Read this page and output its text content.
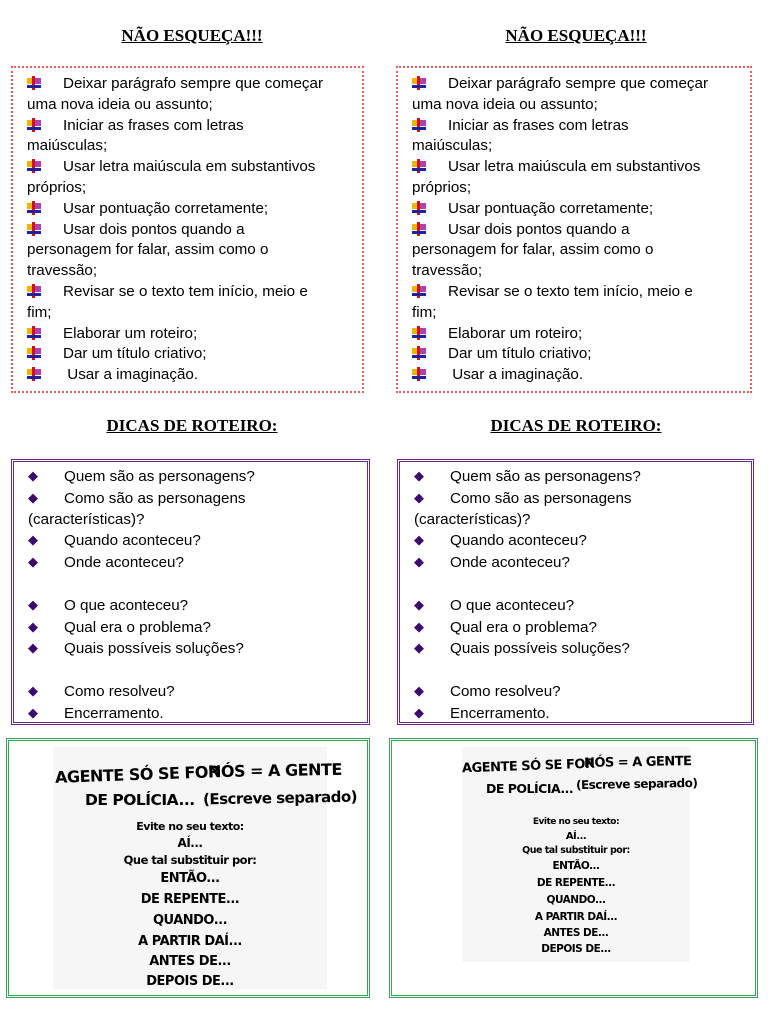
NÃO ESQUEÇA!!!
Deixar parágrafo sempre que começar
uma nova ideia ou assunto;
Iniciar as frases com letras
maiúsculas;
Usar letra maiúscula em substantivos
próprios;
Usar pontuação corretamente;
Usar dois pontos quando a
personagem for falar, assim como o
travessão;
Revisar se o texto tem início, meio e
fim;
Elaborar um roteiro;
Dar um título criativo;
Usar a imaginação.
DICAS DE ROTEIRO:
◆ Quem são as personagens?
◆ Como são as personagens
(características)?
◆ Quando aconteceu?
◆ Onde aconteceu?
◆ O que aconteceu?
◆ Qual era o problema?
◆ Quais possíveis soluções?
◆ Como resolveu?
◆ Encerramento.
AGENTE SÓ SE FOR
DE POLÍCIA...
NÓS = A GENTE
(Escreve separado)
Evite no seu texto:
AÍ...
Que tal substituir por:
ENTÃO...
DE REPENTE...
QUANDO...
A PARTIR DAÍ...
ANTES DE...
DEPOIS DE...
NÃO ESQUEÇA!!!
Deixar parágrafo sempre que começar
uma nova ideia ou assunto;
Iniciar as frases com letras
maiúsculas;
Usar letra maiúscula em substantivos
próprios;
Usar pontuação corretamente;
Usar dois pontos quando a
personagem for falar, assim como o
travessão;
Revisar se o texto tem início, meio e
fim;
Elaborar um roteiro;
Dar um título criativo;
Usar a imaginação.
DICAS DE ROTEIRO:
◆ Quem são as personagens?
◆ Como são as personagens
(características)?
◆ Quando aconteceu?
◆ Onde aconteceu?
◆ O que aconteceu?
◆ Qual era o problema?
◆ Quais possíveis soluções?
◆ Como resolveu?
◆ Encerramento.
AGENTE SÓ SE FOR
DE POLÍCIA...
NÓS = A GENTE
(Escreve separado)
Evite no seu texto:
AÍ...
Que tal substituir por:
ENTÃO...
DE REPENTE...
QUANDO...
A PARTIR DAÍ...
ANTES DE...
DEPOIS DE...
